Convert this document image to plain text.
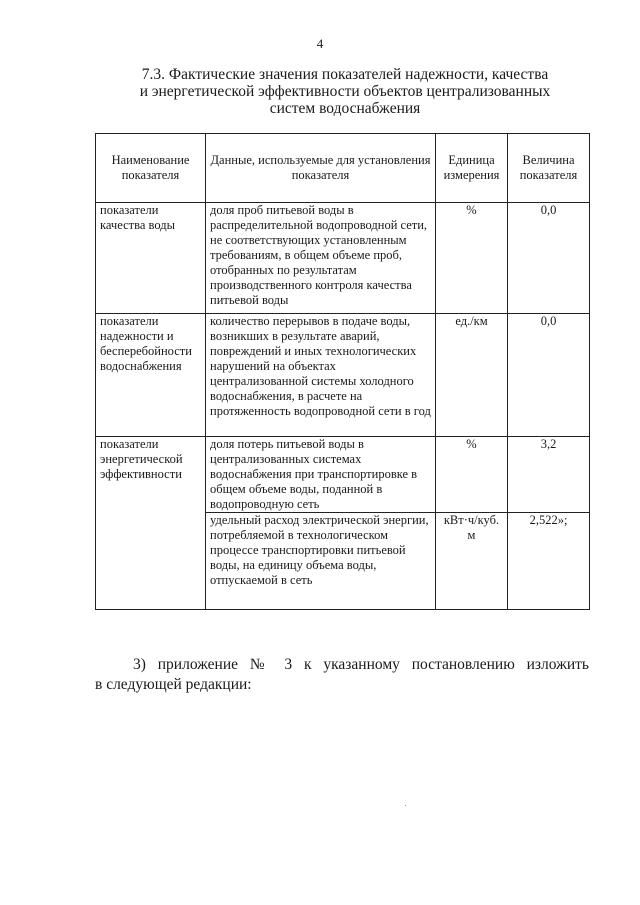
4
7.3. Фактические значения показателей надежности, качества
и энергетической эффективности объектов централизованных
систем водоснабжения
Наименование показателя	Данные, используемые для установления показателя	Единица измерения	Величина показателя
показатели качества воды	доля проб питьевой воды в распределительной водопроводной сети, не соответствующих установленным требованиям, в общем объеме проб, отобранных по результатам производственного контроля качества питьевой воды	%	0,0
показатели надежности и бесперебойности водоснабжения	количество перерывов в подаче воды, возникших в результате аварий, повреждений и иных технологических нарушений на объектах централизованной системы холодного водоснабжения, в расчете на протяженность водопроводной сети в год	ед./км	0,0
показатели энергетической эффективности	доля потерь питьевой воды в централизованных системах водоснабжения при транспортировке в общем объеме воды, поданной в водопроводную сеть	%	3,2
	удельный расход электрической энергии, потребляемой в технологическом процессе транспортировки питьевой воды, на единицу объема воды, отпускаемой в сеть	кВт·ч/куб. м	2,522»;
3) приложение № 3 к указанному постановлению изложить
в следующей редакции:
